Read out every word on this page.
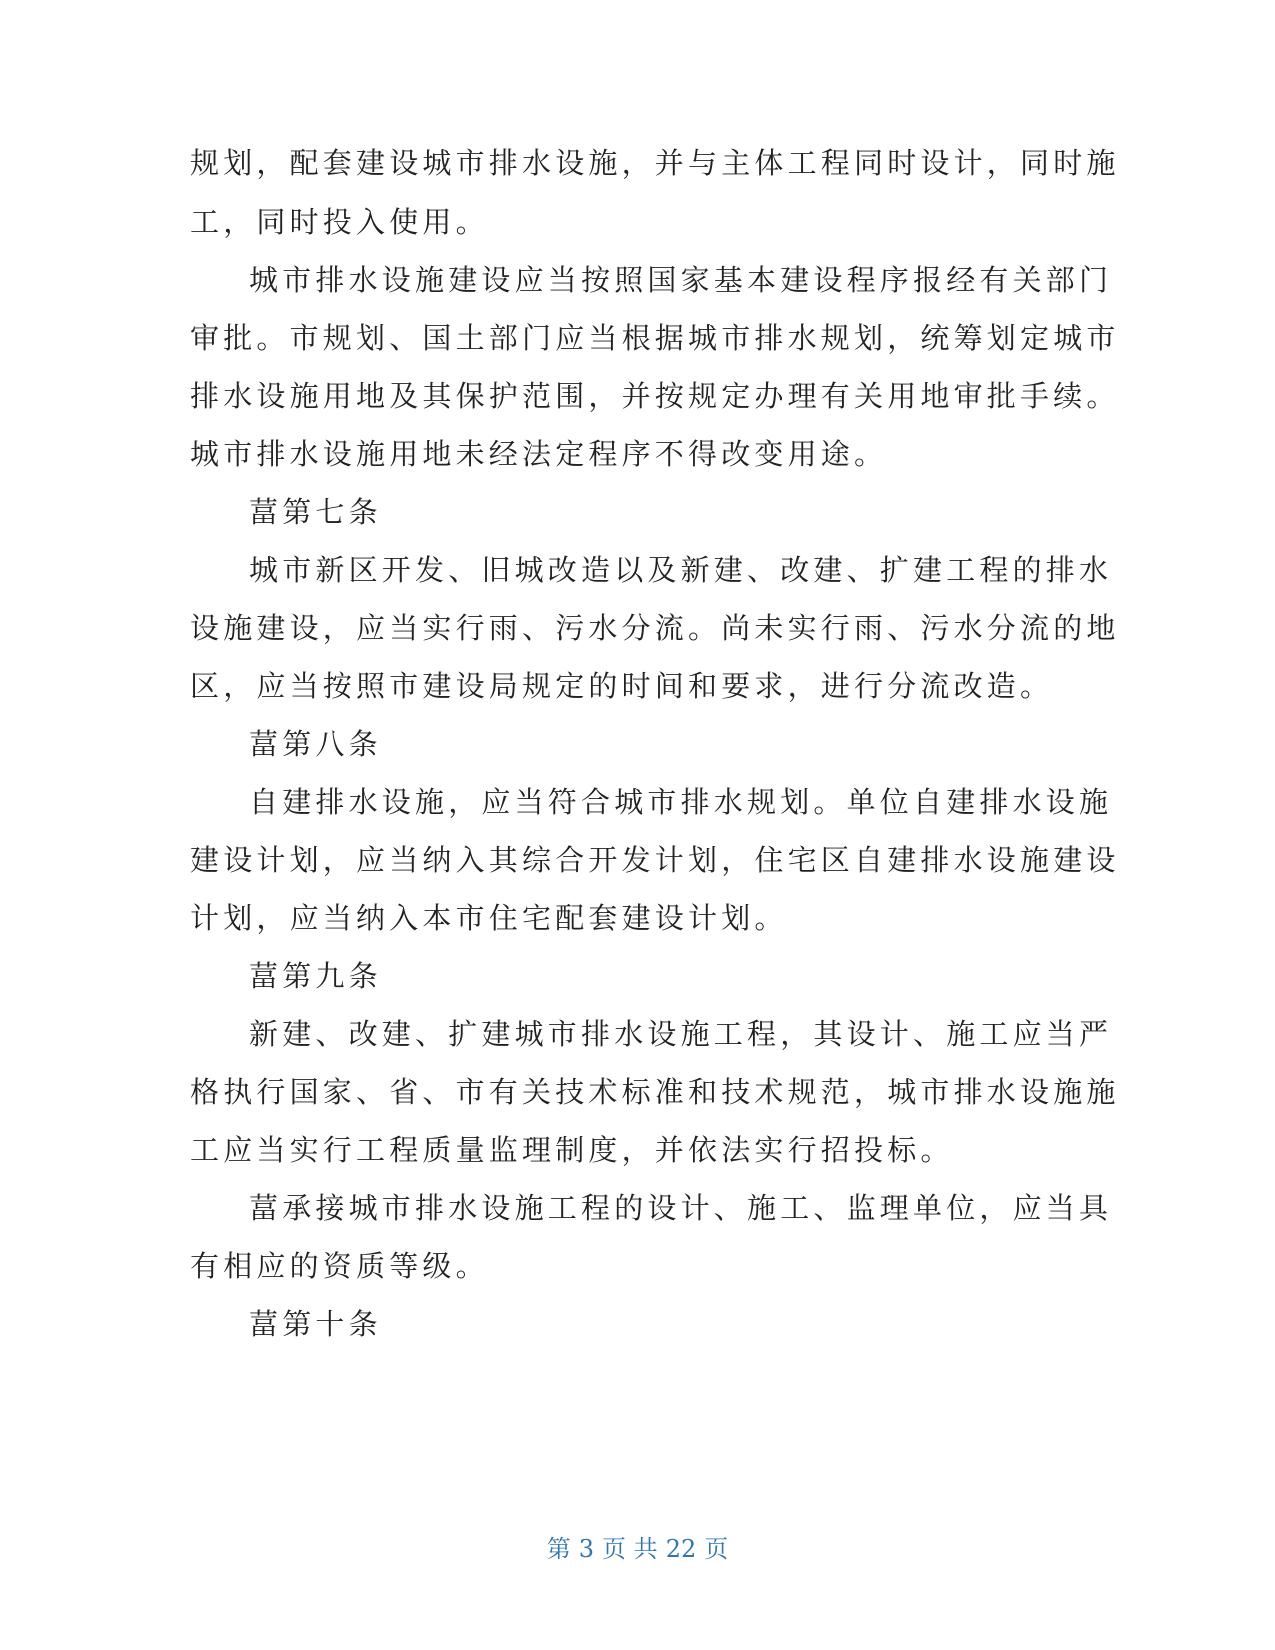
规划，配套建设城市排水设施，并与主体工程同时设计，同时施
工，同时投入使用。
城市排水设施建设应当按照国家基本建设程序报经有关部门
审批。市规划、国土部门应当根据城市排水规划，统筹划定城市
排水设施用地及其保护范围，并按规定办理有关用地审批手续。
城市排水设施用地未经法定程序不得改变用途。
葍第七条
城市新区开发、旧城改造以及新建、改建、扩建工程的排水
设施建设，应当实行雨、污水分流。尚未实行雨、污水分流的地
区，应当按照市建设局规定的时间和要求，进行分流改造。
葍第八条
自建排水设施，应当符合城市排水规划。单位自建排水设施
建设计划，应当纳入其综合开发计划，住宅区自建排水设施建设
计划，应当纳入本市住宅配套建设计划。
葍第九条
新建、改建、扩建城市排水设施工程，其设计、施工应当严
格执行国家、省、市有关技术标准和技术规范，城市排水设施施
工应当实行工程质量监理制度，并依法实行招投标。
葍承接城市排水设施工程的设计、施工、监理单位，应当具
有相应的资质等级。
葍第十条
第 3 页 共 22 页
